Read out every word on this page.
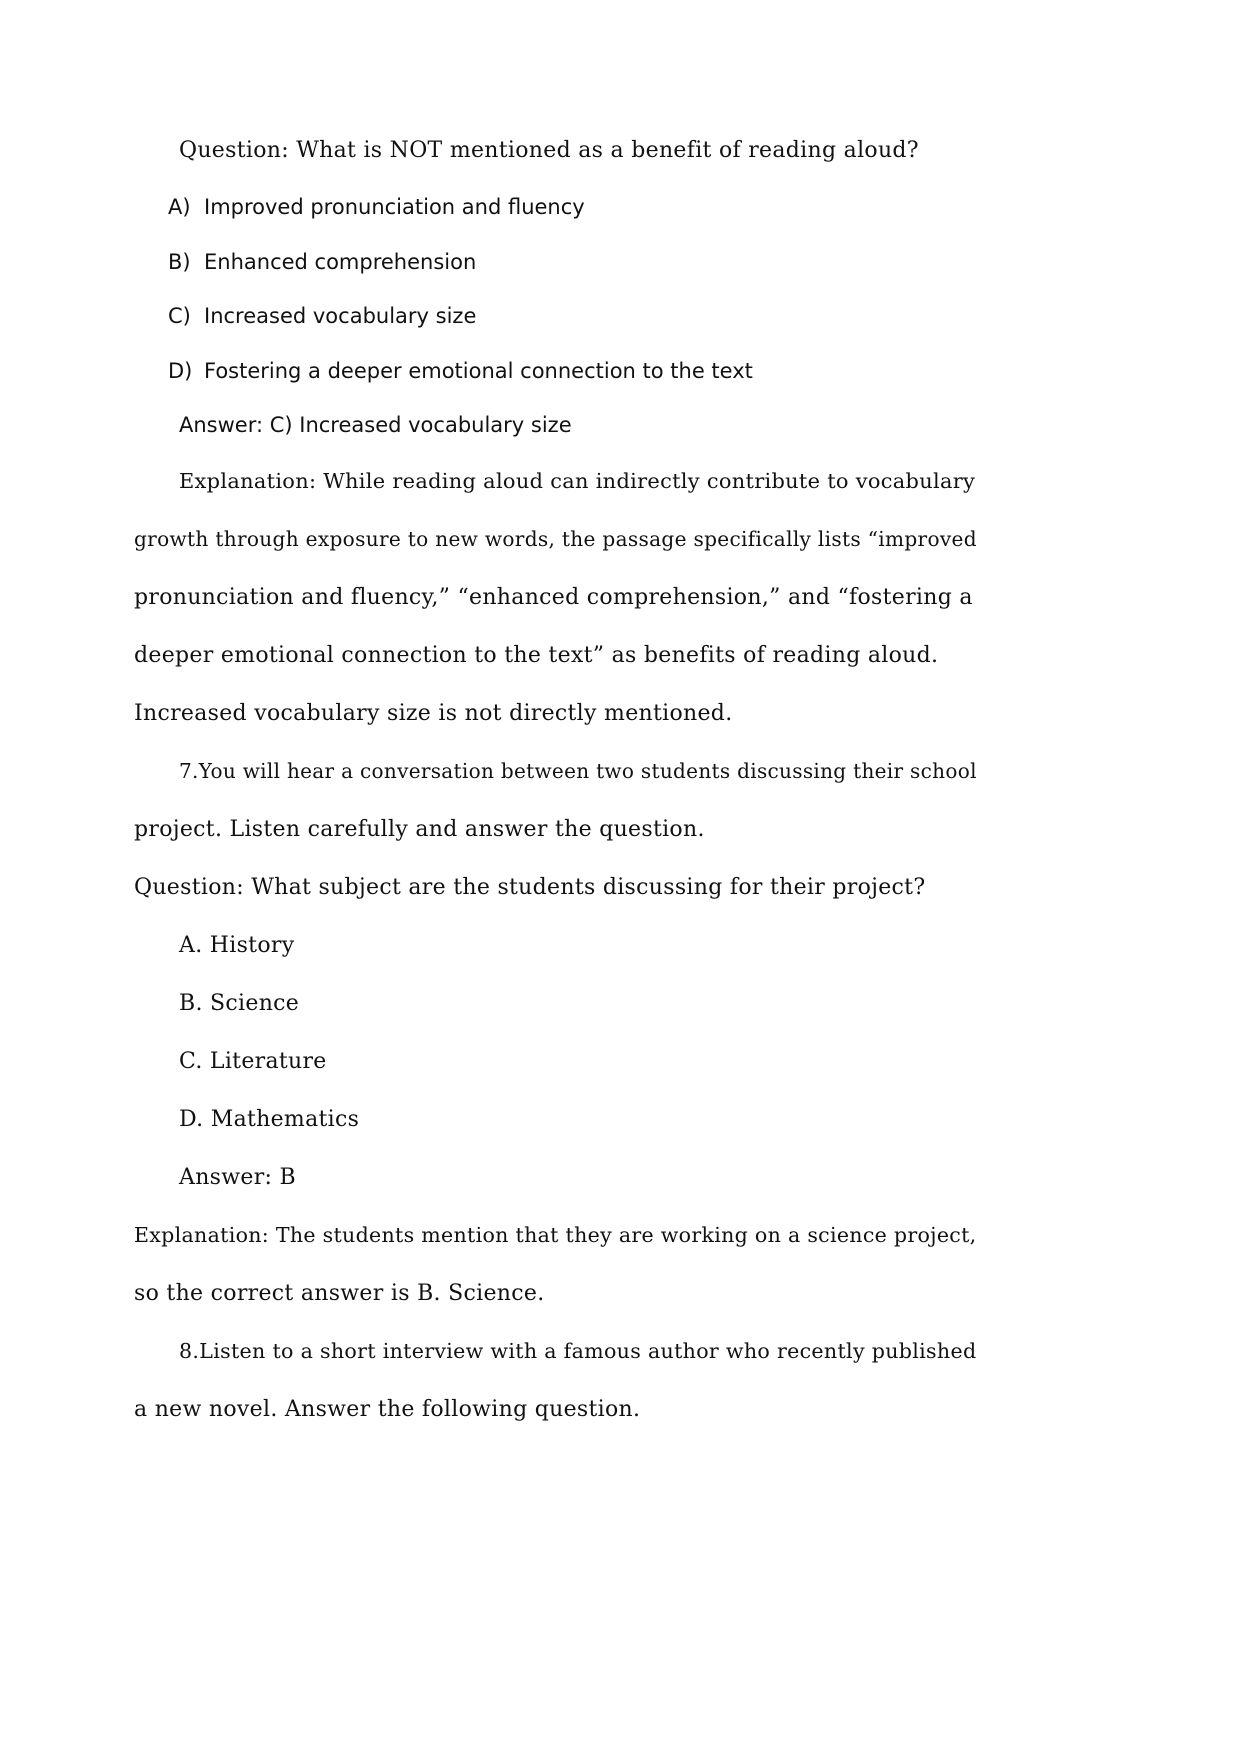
Question: What is NOT mentioned as a benefit of reading aloud?

A) Improved pronunciation and fluency

B) Enhanced comprehension

C) Increased vocabulary size

D) Fostering a deeper emotional connection to the text

Answer: C) Increased vocabulary size

Explanation: While reading aloud can indirectly contribute to vocabulary

growth through exposure to new words, the passage specifically lists “improved

pronunciation and fluency,” “enhanced comprehension,” and “fostering a

deeper emotional connection to the text” as benefits of reading aloud.

Increased vocabulary size is not directly mentioned.

7.You will hear a conversation between two students discussing their school

project. Listen carefully and answer the question.

Question: What subject are the students discussing for their project?

A. History

B. Science

C. Literature

D. Mathematics

Answer: B

Explanation: The students mention that they are working on a science project,

so the correct answer is B. Science.

8.Listen to a short interview with a famous author who recently published

a new novel. Answer the following question.
